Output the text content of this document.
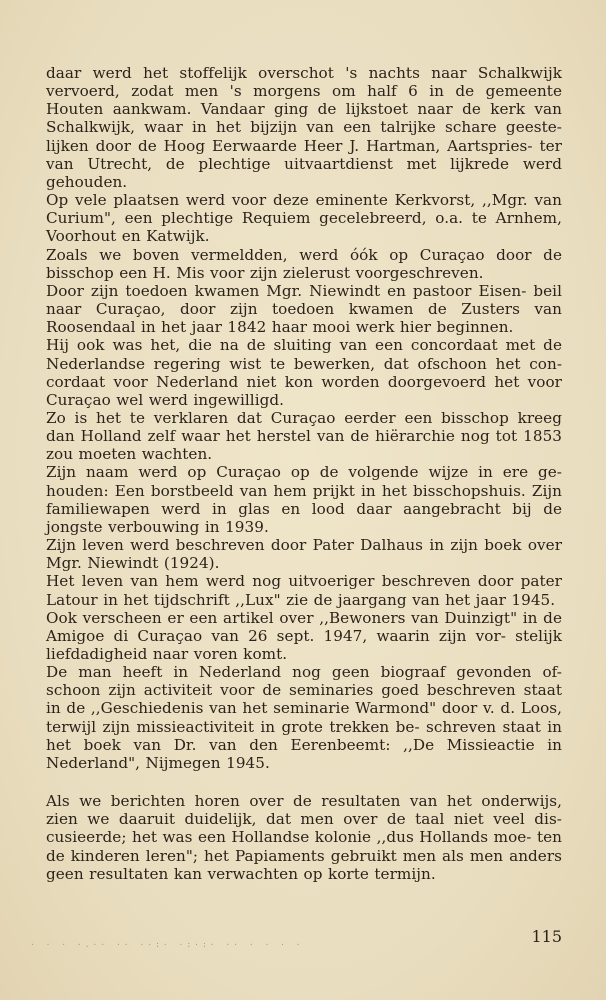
daar werd het stoffelijk overschot 's nachts naar Schalkwijk vervoerd, zodat men 's morgens om half 6 in de gemeente Houten aankwam. Vandaar ging de lijkstoet naar de kerk van Schalkwijk, waar in het bijzijn van een talrijke schare geeste- lijken door de Hoog Eerwaarde Heer J. Hartman, Aartspries- ter van Utrecht, de plechtige uitvaartdienst met lijkrede werd gehouden.

Op vele plaatsen werd voor deze eminente Kerkvorst, ,,Mgr. van Curium", een plechtige Requiem gecelebreerd, o.a. te Arnhem, Voorhout en Katwijk.

Zoals we boven vermeldden, werd óók op Curaçao door de bisschop een H. Mis voor zijn zielerust voorgeschreven.

Door zijn toedoen kwamen Mgr. Niewindt en pastoor Eisen- beil naar Curaçao, door zijn toedoen kwamen de Zusters van Roosendaal in het jaar 1842 haar mooi werk hier beginnen.

Hij ook was het, die na de sluiting van een concordaat met de Nederlandse regering wist te bewerken, dat ofschoon het con- cordaat voor Nederland niet kon worden doorgevoerd het voor Curaçao wel werd ingewilligd.

Zo is het te verklaren dat Curaçao eerder een bisschop kreeg dan Holland zelf waar het herstel van de hiërarchie nog tot 1853 zou moeten wachten.

Zijn naam werd op Curaçao op de volgende wijze in ere ge- houden: Een borstbeeld van hem prijkt in het bisschopshuis. Zijn familiewapen werd in glas en lood daar aangebracht bij de jongste verbouwing in 1939.

Zijn leven werd beschreven door Pater Dalhaus in zijn boek over Mgr. Niewindt (1924).

Het leven van hem werd nog uitvoeriger beschreven door pater Latour in het tijdschrift ,,Lux" zie de jaargang van het jaar 1945.

Ook verscheen er een artikel over ,,Bewoners van Duinzigt" in de Amigoe di Curaçao van 26 sept. 1947, waarin zijn vor- stelijk liefdadigheid naar voren komt.

De man heeft in Nederland nog geen biograaf gevonden of- schoon zijn activiteit voor de seminaries goed beschreven staat in de ,,Geschiedenis van het seminarie Warmond" door v. d. Loos, terwijl zijn missieactiviteit in grote trekken be- schreven staat in het boek van Dr. van den Eerenbeemt: ,,De Missieactie in Nederland", Nijmegen 1945.

Als we berichten horen over de resultaten van het onderwijs, zien we daaruit duidelijk, dat men over de taal niet veel dis- cusieerde; het was een Hollandse kolonie ,,dus Hollands moe- ten de kinderen leren"; het Papiaments gebruikt men als men anders geen resultaten kan verwachten op korte termijn.

· · · ·.·· ·· ··:· ·:·:· ·· · · · ·	115
